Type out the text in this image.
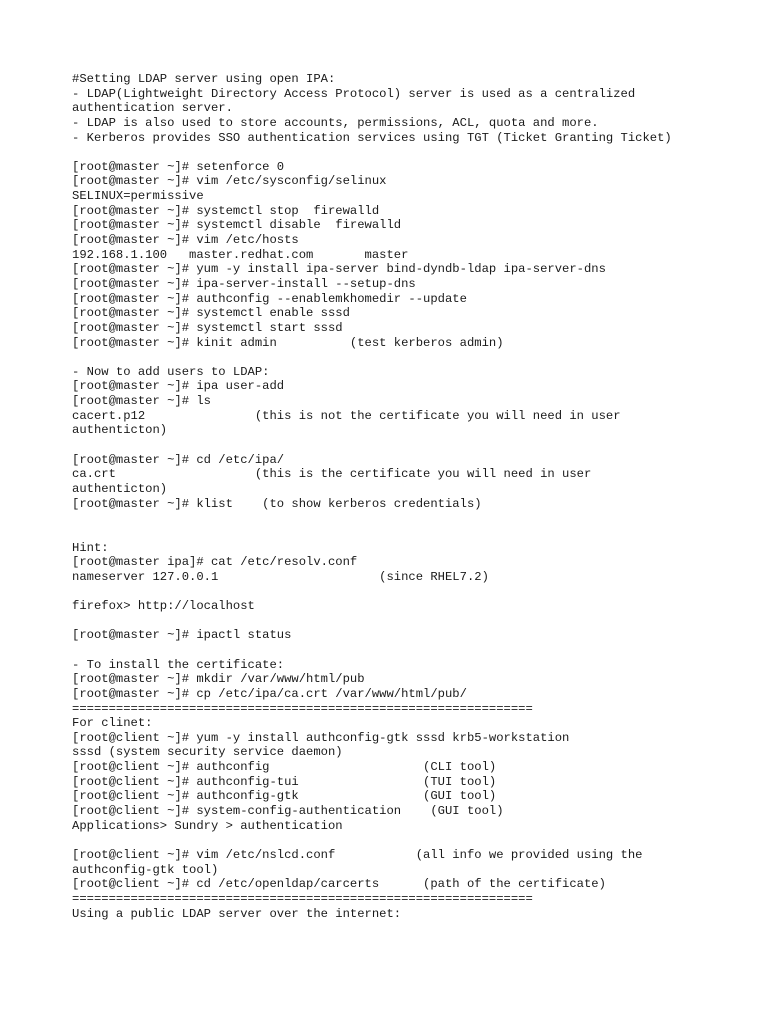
#Setting LDAP server using open IPA:
- LDAP(Lightweight Directory Access Protocol) server is used as a centralized
authentication server.
- LDAP is also used to store accounts, permissions, ACL, quota and more.
- Kerberos provides SSO authentication services using TGT (Ticket Granting Ticket)
[root@master ~]# setenforce 0
[root@master ~]# vim /etc/sysconfig/selinux
SELINUX=permissive
[root@master ~]# systemctl stop  firewalld
[root@master ~]# systemctl disable  firewalld
[root@master ~]# vim /etc/hosts
192.168.1.100   master.redhat.com       master
[root@master ~]# yum -y install ipa-server bind-dyndb-ldap ipa-server-dns
[root@master ~]# ipa-server-install --setup-dns
[root@master ~]# authconfig --enablemkhomedir --update
[root@master ~]# systemctl enable sssd
[root@master ~]# systemctl start sssd
[root@master ~]# kinit admin          (test kerberos admin)
- Now to add users to LDAP:
[root@master ~]# ipa user-add
[root@master ~]# ls
cacert.p12               (this is not the certificate you will need in user
authenticton)
[root@master ~]# cd /etc/ipa/
ca.crt                   (this is the certificate you will need in user
authenticton)
[root@master ~]# klist    (to show kerberos credentials)
Hint:
[root@master ipa]# cat /etc/resolv.conf
nameserver 127.0.0.1                      (since RHEL7.2)
firefox> http://localhost
[root@master ~]# ipactl status
- To install the certificate:
[root@master ~]# mkdir /var/www/html/pub
[root@master ~]# cp /etc/ipa/ca.crt /var/www/html/pub/
===============================================================
For clinet:
[root@client ~]# yum -y install authconfig-gtk sssd krb5-workstation
sssd (system security service daemon)
[root@client ~]# authconfig                     (CLI tool)
[root@client ~]# authconfig-tui                 (TUI tool)
[root@client ~]# authconfig-gtk                 (GUI tool)
[root@client ~]# system-config-authentication    (GUI tool)
Applications> Sundry > authentication
[root@client ~]# vim /etc/nslcd.conf           (all info we provided using the
authconfig-gtk tool)
[root@client ~]# cd /etc/openldap/carcerts      (path of the certificate)
===============================================================
Using a public LDAP server over the internet:
